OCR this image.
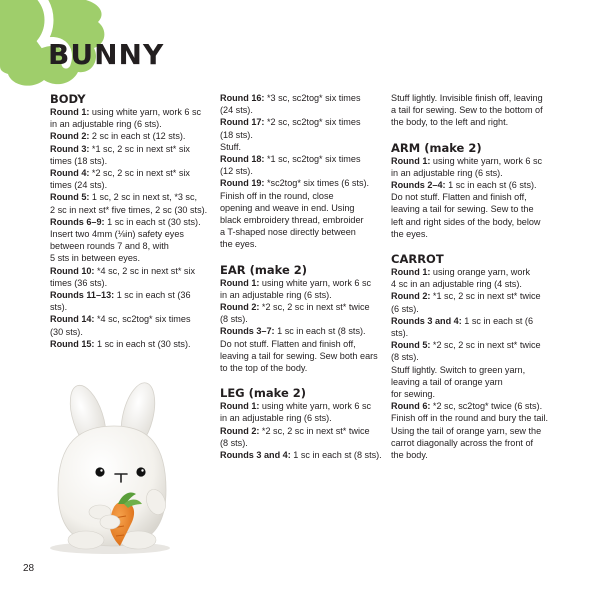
BUNNY
BODY

Round 1: using white yarn, work 6 sc

in an adjustable ring (6 sts).

Round 2: 2 sc in each st (12 sts).

Round 3: *1 sc, 2 sc in next st* six

times (18 sts).

Round 4: *2 sc, 2 sc in next st* six

times (24 sts).

Round 5: 1 sc, 2 sc in next st, *3 sc,

2 sc in next st* five times, 2 sc (30 sts).

Rounds 6–9: 1 sc in each st (30 sts).

Insert two 4mm (⅛in) safety eyes

between rounds 7 and 8, with

5 sts in between eyes.

Round 10: *4 sc, 2 sc in next st* six

times (36 sts).

Rounds 11–13: 1 sc in each st (36 sts).

Round 14: *4 sc, sc2tog* six times

(30 sts).

Round 15: 1 sc in each st (30 sts).

Round 16: *3 sc, sc2tog* six times

(24 sts).

Round 17: *2 sc, sc2tog* six times

(18 sts).

Stuff.

Round 18: *1 sc, sc2tog* six times

(12 sts).

Round 19: *sc2tog* six times (6 sts).

Finish off in the round, close

opening and weave in end. Using

black embroidery thread, embroider

a T-shaped nose directly between

the eyes.

EAR (make 2)

Round 1: using white yarn, work 6 sc

in an adjustable ring (6 sts).

Round 2: *2 sc, 2 sc in next st* twice

(8 sts).

Rounds 3–7: 1 sc in each st (8 sts).

Do not stuff. Flatten and finish off,

leaving a tail for sewing. Sew both ears

to the top of the body.

LEG (make 2)

Round 1: using white yarn, work 6 sc

in an adjustable ring (6 sts).

Round 2: *2 sc, 2 sc in next st* twice

(8 sts).

Rounds 3 and 4: 1 sc in each st (8 sts).

Stuff lightly. Invisible finish off, leaving

a tail for sewing. Sew to the bottom of

the body, to the left and right.

ARM (make 2)

Round 1: using white yarn, work 6 sc

in an adjustable ring (6 sts).

Rounds 2–4: 1 sc in each st (6 sts).

Do not stuff. Flatten and finish off,

leaving a tail for sewing. Sew to the

left and right sides of the body, below

the eyes.

CARROT

Round 1: using orange yarn, work

4 sc in an adjustable ring (4 sts).

Round 2: *1 sc, 2 sc in next st* twice

(6 sts).

Rounds 3 and 4: 1 sc in each st (6 sts).

Round 5: *2 sc, 2 sc in next st* twice

(8 sts).

Stuff lightly. Switch to green yarn,

leaving a tail of orange yarn

for sewing.

Round 6: *2 sc, sc2tog* twice (6 sts).

Finish off in the round and bury the tail.

Using the tail of orange yarn, sew the

carrot diagonally across the front of

the body.

28
